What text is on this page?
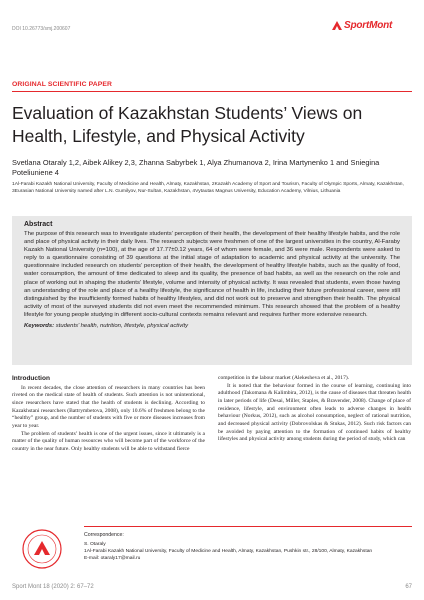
DOI 10.26773/smj.200607	SportMont
ORIGINAL SCIENTIFIC PAPER
Evaluation of Kazakhstan Students’ Views on Health, Lifestyle, and Physical Activity
Svetlana Otaraly 1,2, Aibek Alikey 2,3, Zhanna Sabyrbek 1, Alya Zhumanova 2, Irina Martynenko 1 and Sniegina Poteliuniene 4
1Al-Farabi Kazakh National University, Faculty of Medicine and Health, Almaty, Kazakhstan, 2Kazakh Academy of Sport and Tourism, Faculty of Olympic Sports, Almaty, Kazakhstan, 3Eurasian National University named after L.N. Gumilyov, Nur-Sultan, Kazakhstan, 4Vytautas Magnus University, Education Academy, Vilnius, Lithuania
Abstract
The purpose of this research was to investigate students’ perception of their health, the development of their healthy lifestyle habits, and the role and place of physical activity in their daily lives. The research subjects were freshmen of one of the largest universities in the country, Al-Faraby Kazakh National University (n=100), at the age of 17.77±0.12 years, 64 of whom were female, and 36 were male. Respondents were asked to reply to a questionnaire consisting of 39 questions at the initial stage of adaptation to academic and physical activity at the university. The questionnaire included research on students’ perception of their health, the development of healthy lifestyle habits, such as the quality of food, water consumption, the amount of time dedicated to sleep and its quality, the presence of bad habits, as well as the research on the role and place of working out in shaping the students’ lifestyle, volume and intensity of physical activity. It was revealed that students, even those having an understanding of the role and place of a healthy lifestyle, the significance of health in life, including their future professional career, were still distinguished by the insufficiently formed habits of healthy lifestyles, and did not work out to preserve and strengthen their health. The physical activity of most of the surveyed students did not even meet the recommended minimum. This research showed that the problem of a healthy lifestyle for young people studying in different socio-cultural contexts remains relevant and requires further more extensive research.
Keywords: students’ health, nutrition, lifestyle, physical activity
Introduction

In recent decades, the close attention of researchers in many countries has been riveted on the medical state of health of students. Such attention is not unintentional, since researchers have stated that the health of students is declining. According to Kazakhstani researchers (Battrymbetova, 2008), only 10.6% of freshmen belong to the “healthy” group, and the number of students with five or more diseases increases from year to year.

The problem of students’ health is one of the urgent issues, since it ultimately is a matter of the quality of human resources who will become part of the workforce of the country in the near future. Only healthy students will be able to withstand fierce

competition in the labour market (Alekesheva et al., 2017).

It is noted that the behaviour formed in the course of learning, continuing into adulthood (Takomana & Kalimbira, 2012), is the cause of diseases that threaten health in later periods of life (Desai, Miller, Staples, & Bravender, 2008). Change of place of residence, lifestyle, and environment often leads to adverse changes in health behaviour (Norkus, 2012), such as alcohol consumption, neglect of rational nutrition, and decreased physical activity (Dobrovolskas & Stukas, 2012). Such risk factors can be avoided by paying attention to the formation of continued habits of healthy lifestyles and physical activity among students during the period of study, which can

Correspondence:
S. Otaraly
1Al-Farabi Kazakh National University, Faculty of Medicine and Health, Almaty, Kazakhstan, Pushkin str., 28/100, Almaty, Kazakhstan
E-mail: otaraly17@mail.ru
Sport Mont 18 (2020) 2: 67–72	67
